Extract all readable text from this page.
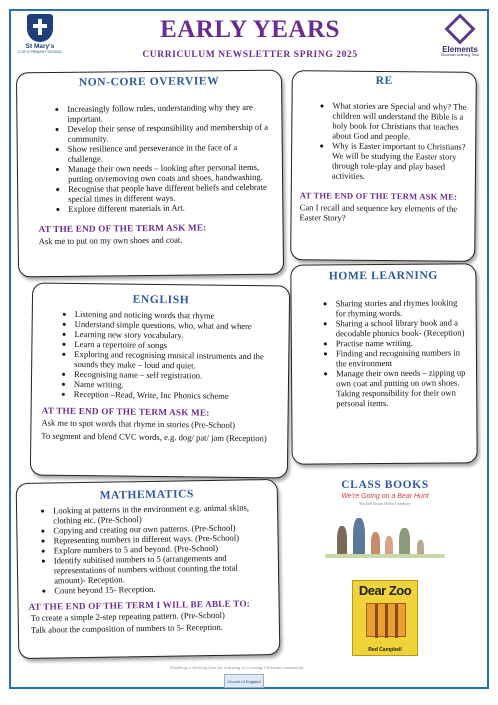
St Mary's
C OF E PRIMARY SCHOOL
EARLY YEARS
CURRICULUM NEWSLETTER SPRING 2025
Elements
Diocesan Learning Trust
NON-CORE OVERVIEW
• Increasingly follow rules, understanding why they are important.
• Develop their sense of responsibility and membership of a community.
• Show resilience and perseverance in the face of a challenge.
• Manage their own needs – looking after personal items, putting on/removing own coats and shoes, handwashing.
• Recognise that people have different beliefs and celebrate special times in different ways.
• Explore different materials in Art.
AT THE END OF THE TERM ASK ME:
Ask me to put on my own shoes and coat.
RE
• What stories are Special and why? The children will understand the Bible is a holy book for Christians that teaches about God and people.
• Why is Easter important to Christians? We will be studying the Easter story through role-play and play based activities.
AT THE END OF THE TERM ASK ME:
Can I recall and sequence key elements of the Easter Story?
ENGLISH
• Listening and noticing words that rhyme
• Understand simple questions, who, what and where
• Learning new story vocabulary.
• Learn a repertoire of songs
• Exploring and recognising musical instruments and the sounds they make – loud and quiet.
• Recognising name – self registration.
• Name writing.
• Reception –Read, Write, Inc Phonics scheme
AT THE END OF THE TERM ASK ME:
Ask me to spot words that rhyme in stories (Pre-School)
To segment and blend CVC words, e.g. dog/ pat/ jam (Reception)
HOME LEARNING
• Sharing stories and rhymes looking for rhyming words.
• Sharing a school library book and a decodable phonics book- (Reception)
• Practise name writing.
• Finding and recognising numbers in the environment
• Manage their own needs – zipping up own coat and putting on own shoes. Taking responsibility for their own personal items.
MATHEMATICS
• Looking at patterns in the environment e.g. animal skins, clothing etc. (Pre-School)
• Copying and creating our own patterns. (Pre-School)
• Representing numbers in different ways. (Pre-School)
• Explore numbers to 5 and beyond. (Pre-School)
• Identify subitised numbers to 5 (arrangements and representations of numbers without counting the total amount)- Reception.
• Count beyond 15- Reception.
AT THE END OF THE TERM I WILL BE ABLE TO:
To create a simple 2-step repeating pattern. (Pre-School)
Talk about the composition of numbers to 5- Reception.
CLASS BOOKS
We're Going on a Bear Hunt
Michael Rosen Helen Oxenbury
Dear Zoo
Rod Campbell
Enabling a thriving love for learning in a caring Christian community.
Church of England
